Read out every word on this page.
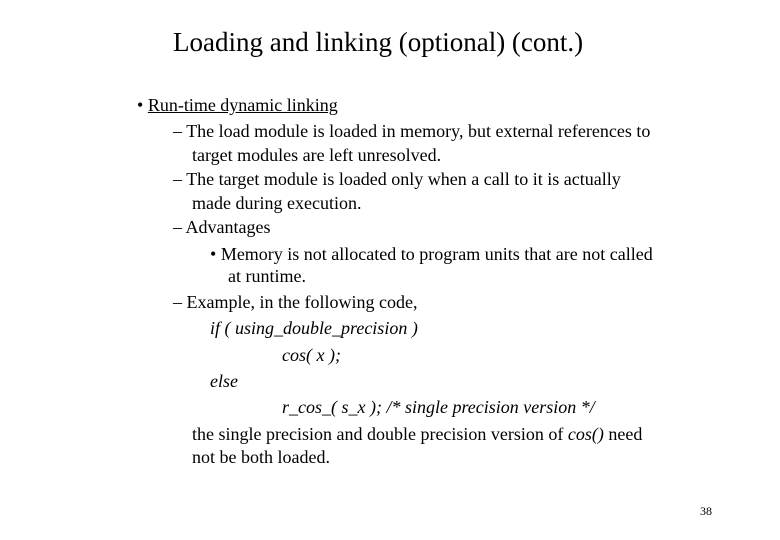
Loading and linking (optional) (cont.)
• Run-time dynamic linking
– The load module is loaded in memory, but external references to
target modules are left unresolved.
– The target module is loaded only when a call to it is actually
made during execution.
– Advantages
• Memory is not allocated to program units that are not called
at runtime.
– Example, in the following code,
if ( using_double_precision )
cos( x );
else
r_cos_( s_x ); /* single precision version */
the single precision and double precision version of cos() need
not be both loaded.
38
